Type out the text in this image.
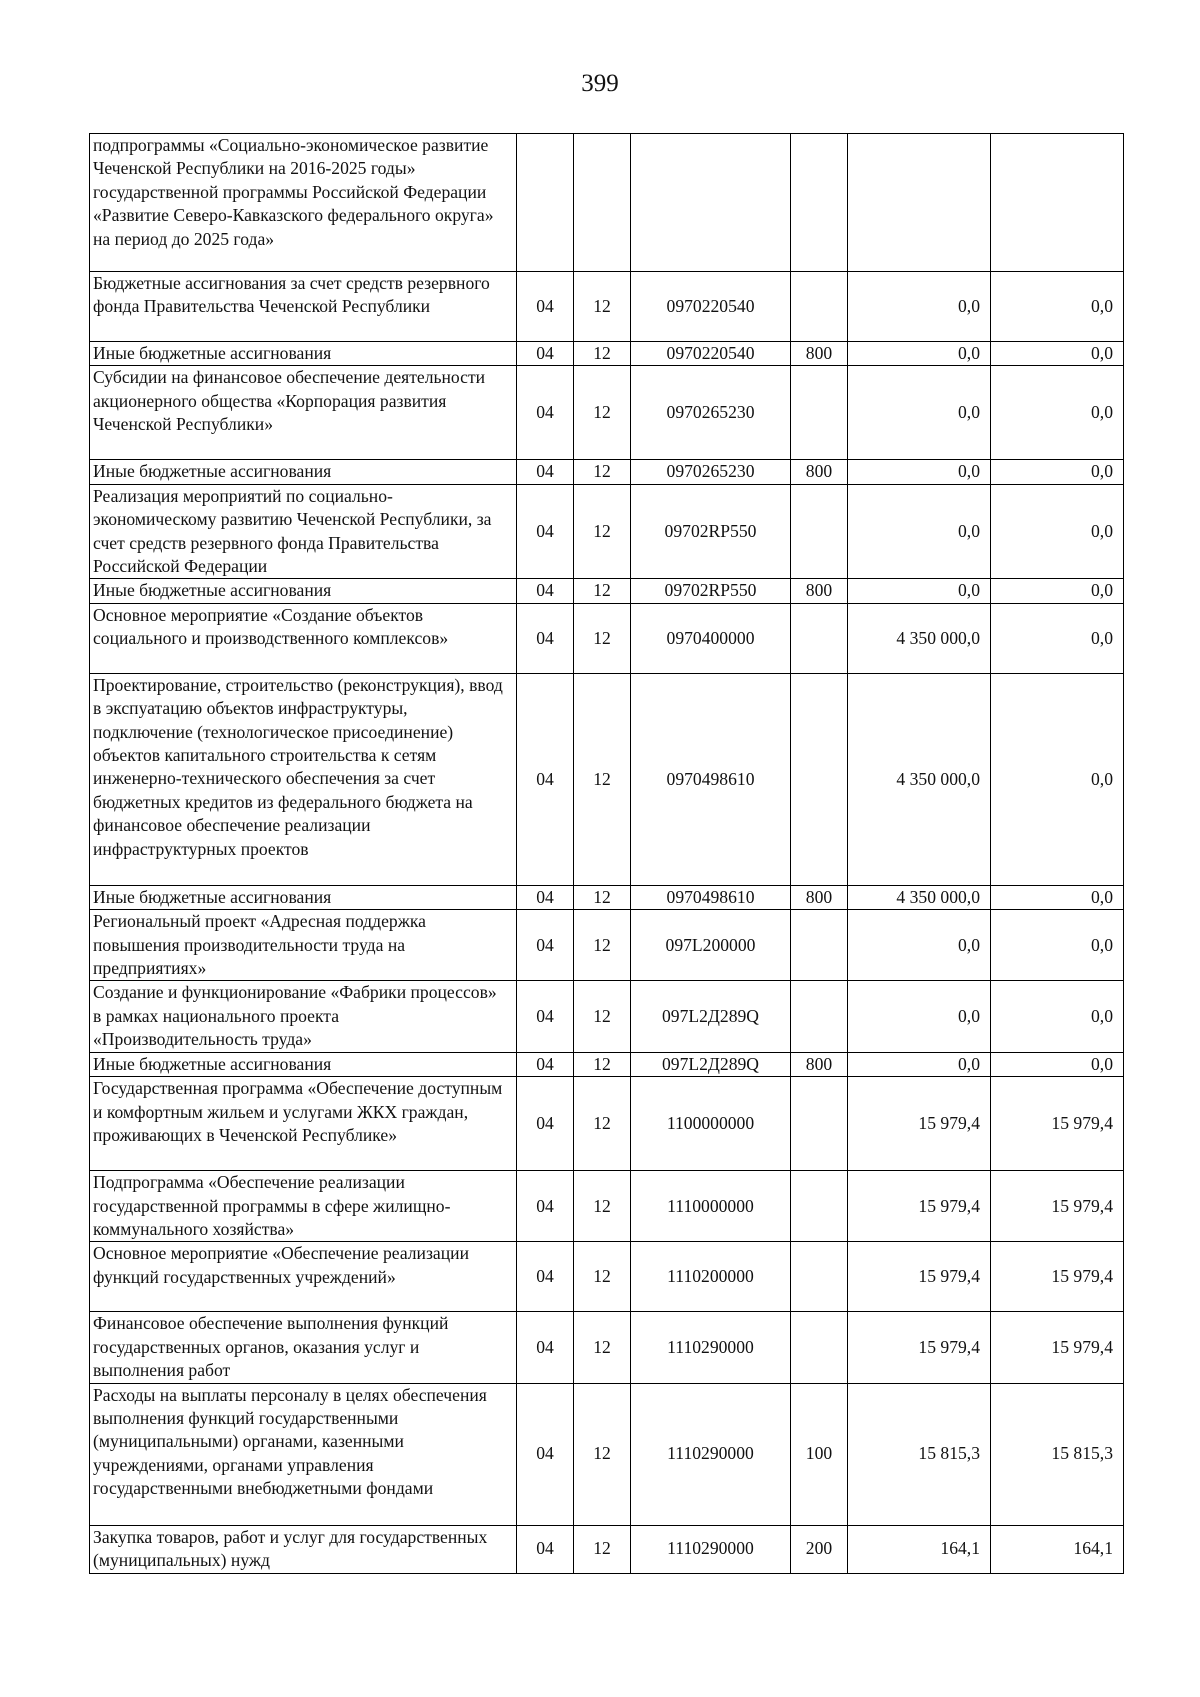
399
подпрограммы «Социально-экономическое развитие Чеченской Республики на 2016-2025 годы» государственной программы Российской Федерации «Развитие Северо-Кавказского федерального округа» на период до 2025 года»						
Бюджетные ассигнования за счет средств резервного фонда Правительства Чеченской Республики	04	12	0970220540		0,0	0,0
Иные бюджетные ассигнования	04	12	0970220540	800	0,0	0,0
Субсидии на финансовое обеспечение деятельности акционерного общества «Корпорация развития Чеченской Республики»	04	12	0970265230		0,0	0,0
Иные бюджетные ассигнования	04	12	0970265230	800	0,0	0,0
Реализация мероприятий по социально-экономическому развитию Чеченской Республики, за счет средств резервного фонда Правительства Российской Федерации	04	12	09702RP550		0,0	0,0
Иные бюджетные ассигнования	04	12	09702RP550	800	0,0	0,0
Основное мероприятие «Создание объектов социального и производственного комплексов»	04	12	0970400000		4 350 000,0	0,0
Проектирование, строительство (реконструкция), ввод в экспуатацию объектов инфраструктуры, подключение (технологическое присоединение) объектов капитального строительства к сетям инженерно-технического обеспечения за счет бюджетных кредитов из федерального бюджета на финансовое обеспечение реализации инфраструктурных проектов	04	12	0970498610		4 350 000,0	0,0
Иные бюджетные ассигнования	04	12	0970498610	800	4 350 000,0	0,0
Региональный проект «Адресная поддержка повышения производительности труда на предприятиях»	04	12	097L200000		0,0	0,0
Создание и функционирование «Фабрики процессов» в рамках национального проекта «Производительность труда»	04	12	097L2Д289Q		0,0	0,0
Иные бюджетные ассигнования	04	12	097L2Д289Q	800	0,0	0,0
Государственная программа «Обеспечение доступным и комфортным жильем и услугами ЖКХ граждан, проживающих в Чеченской Республике»	04	12	1100000000		15 979,4	15 979,4
Подпрограмма «Обеспечение реализации государственной программы в сфере жилищно-коммунального хозяйства»	04	12	1110000000		15 979,4	15 979,4
Основное мероприятие «Обеспечение реализации функций государственных учреждений»	04	12	1110200000		15 979,4	15 979,4
Финансовое обеспечение выполнения функций государственных органов, оказания услуг и выполнения работ	04	12	1110290000		15 979,4	15 979,4
Расходы на выплаты персоналу в целях обеспечения выполнения функций государственными (муниципальными) органами, казенными учреждениями, органами управления государственными внебюджетными фондами	04	12	1110290000	100	15 815,3	15 815,3
Закупка товаров, работ и услуг для государственных (муниципальных) нужд	04	12	1110290000	200	164,1	164,1
